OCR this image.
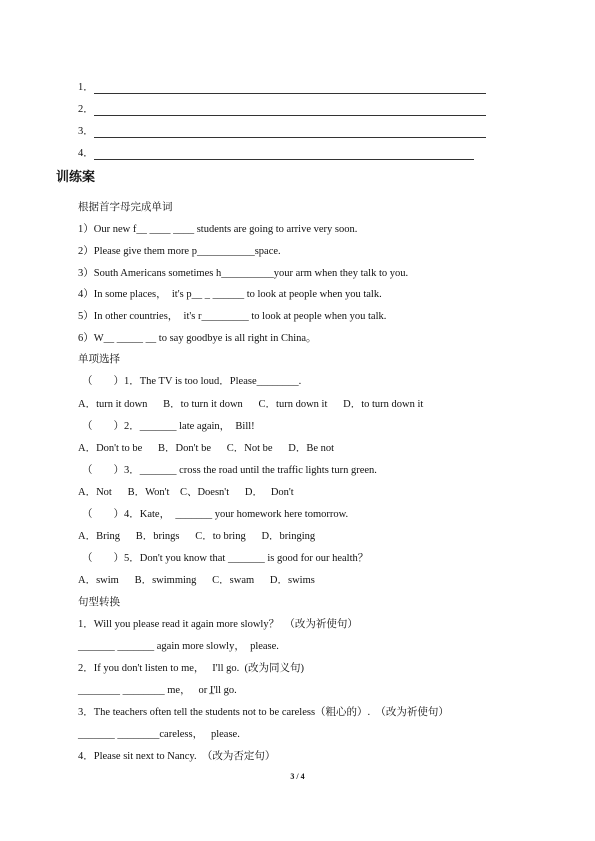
1．
2．
3．
4．
训练案
根据首字母完成单词
1）Our new f__ ____ ____ students are going to arrive very soon.
2）Please give them more p___________space.
3）South Americans sometimes h__________your arm when they talk to you.
4）In some places，  it's p__ _ ______ to look at people when you talk.
5）In other countries，  it's r_________ to look at people when you talk.
6）W__ _____ __ to say goodbye is all right in China。
单项选择
（        ）1．The TV is too loud．Please________.
A．turn it down      B．to turn it down      C．turn down it      D．to turn down it
（        ）2．_______ late again，  Bill!
A．Don't to be      B．Don't be      C．Not be      D．Be not
（        ）3．_______ cross the road until the traffic lights turn green.
A．Not      B．Won't    C、Doesn't      D．   Don't
（        ）4．Kate，  _______ your homework here tomorrow.
A．Bring      B．brings      C．to bring      D．bringing
（        ）5．Don't you know that _______ is good for our health？
A．swim      B．swimming      C．swam      D．swims
句型转换
1．Will you please read it again more slowly？  （改为祈使句）
_______ _______ again more slowly，  please.
2．If you don't listen to me，   I'll go.  (改为同义句)
________ ________ me，   or I̲'ll go.
3．The teachers often tell the students not to be careless（粗心的）.  （改为祈使句）
_______ ________careless，   please.
4．Please sit next to Nancy.  （改为否定句）
3 / 4
